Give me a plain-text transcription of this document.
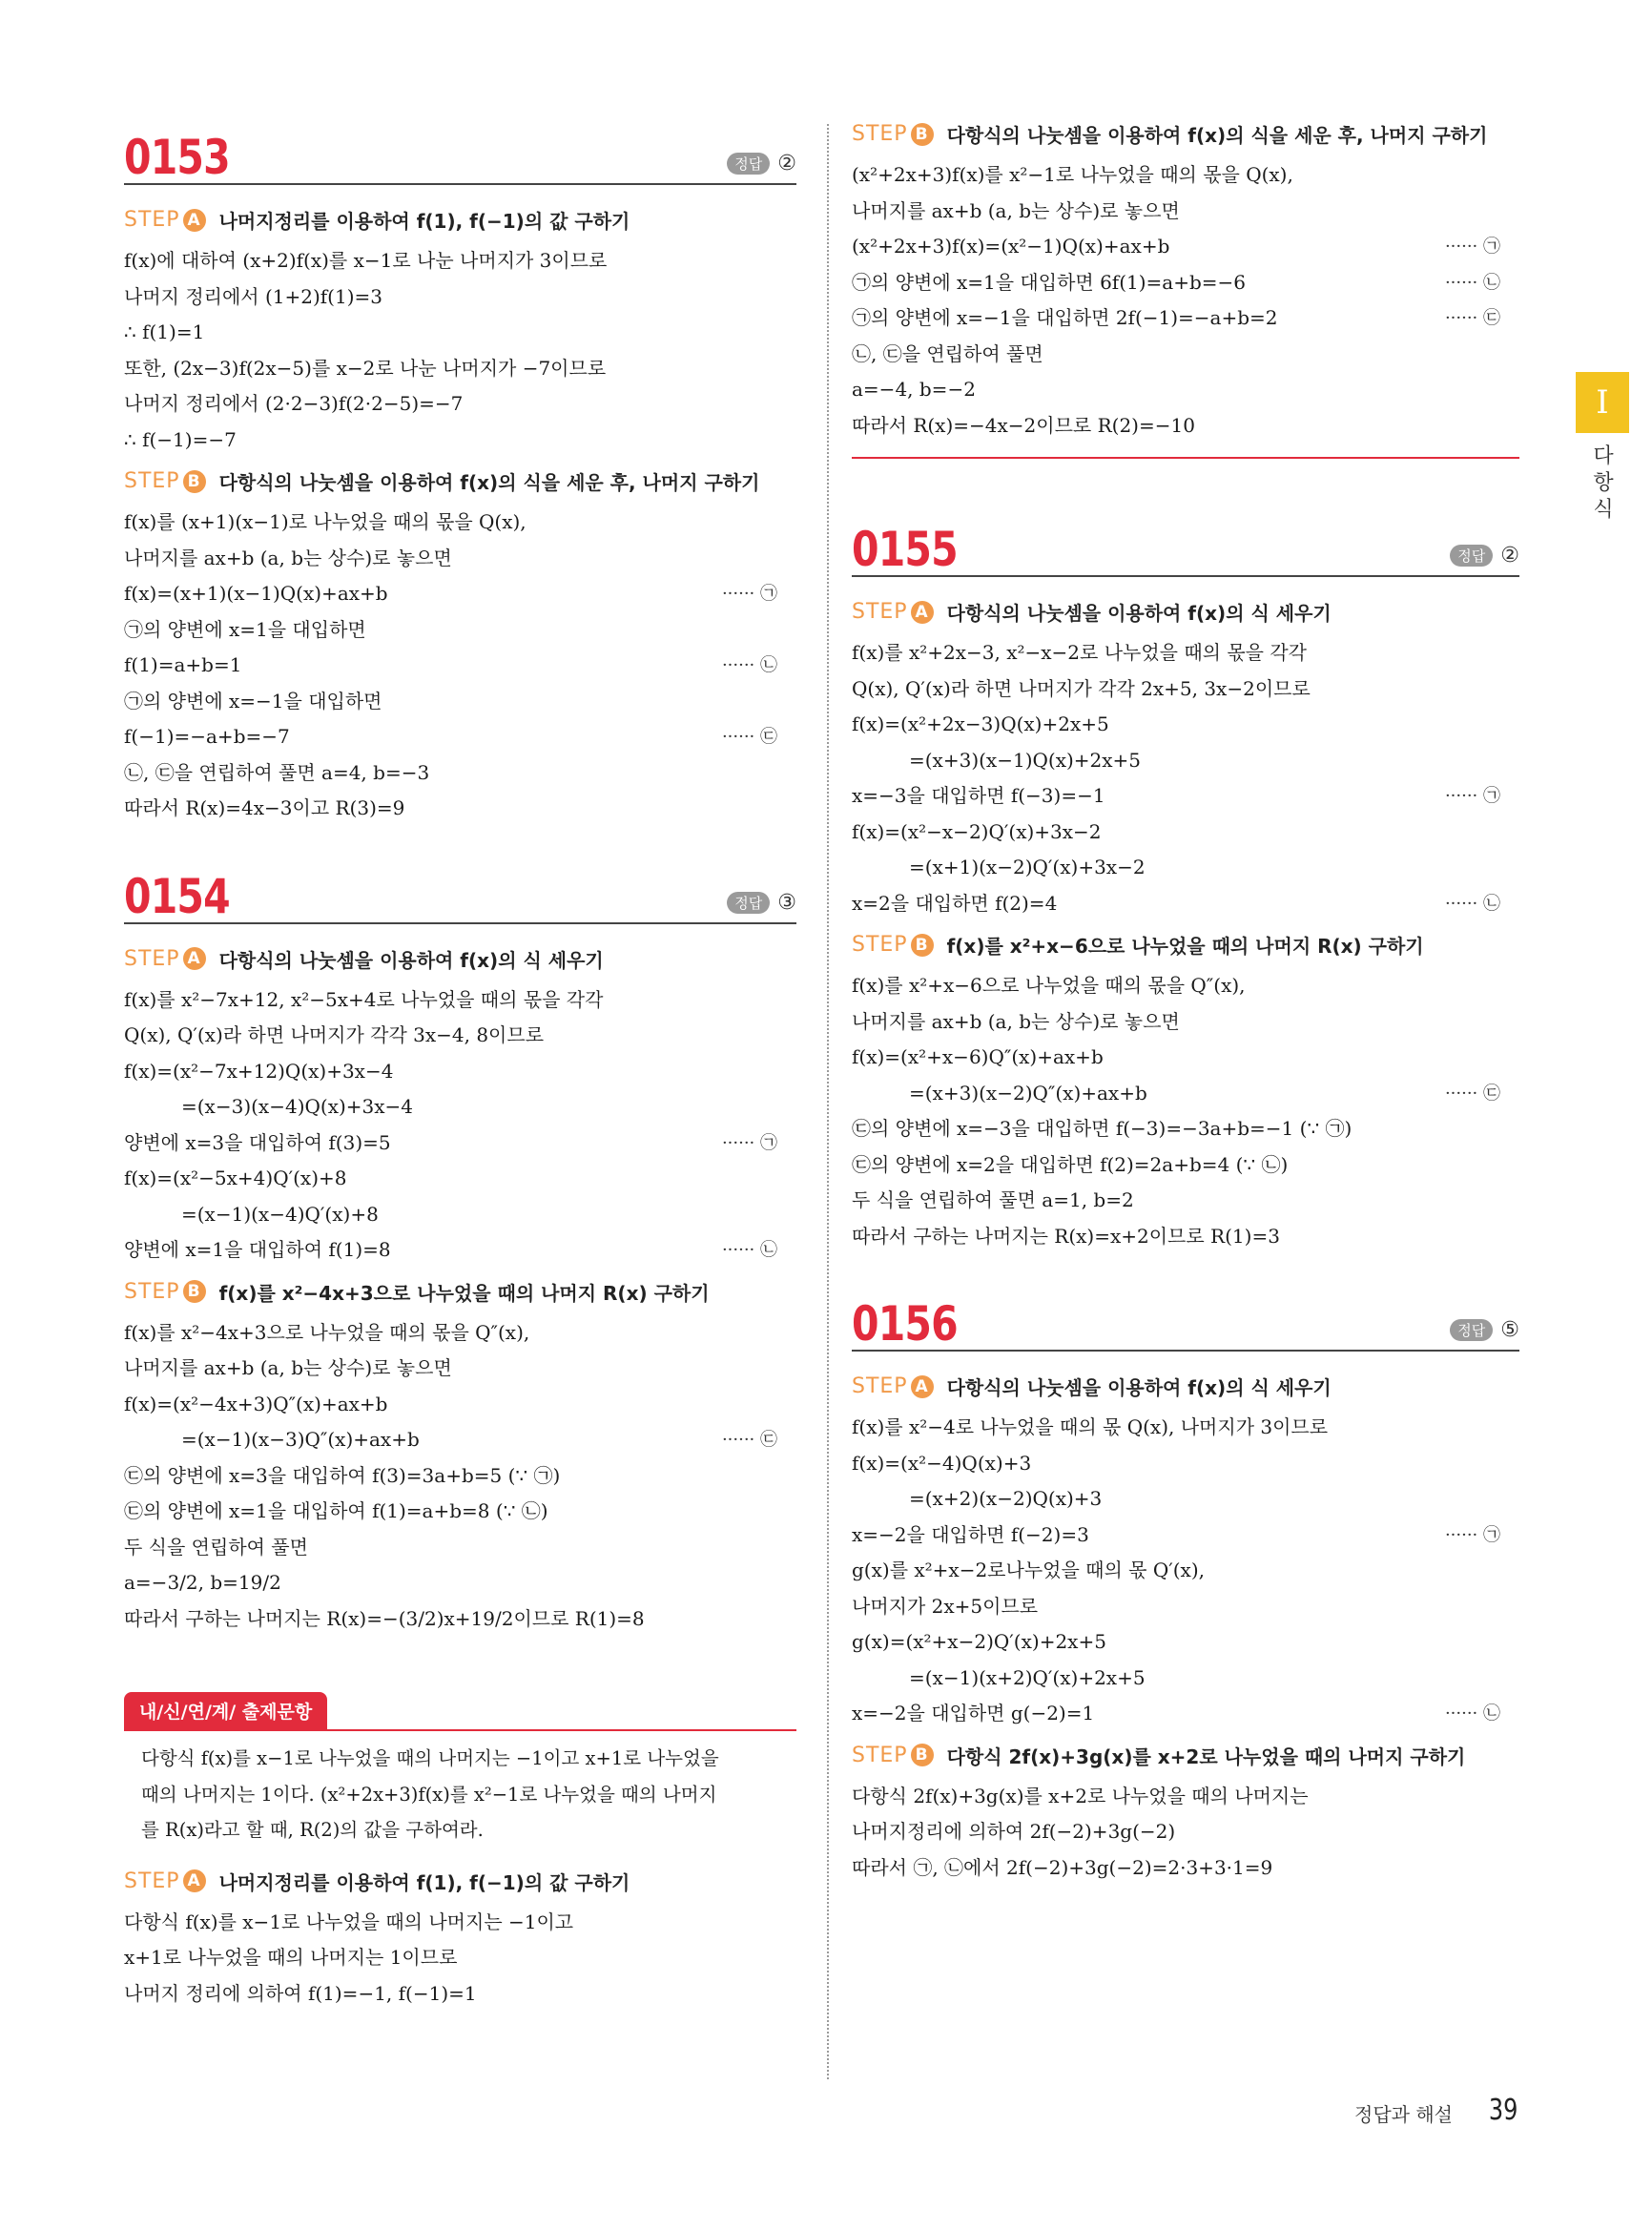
0153	정답 ②
STEP A 나머지정리를 이용하여 f(1), f(−1)의 값 구하기
f(x)에 대하여 (x+2)f(x)를 x−1로 나눈 나머지가 3이므로
나머지 정리에서 (1+2)f(1)=3
∴ f(1)=1
또한, (2x−3)f(2x−5)를 x−2로 나눈 나머지가 −7이므로
나머지 정리에서 (2·2−3)f(2·2−5)=−7
∴ f(−1)=−7
STEP B 다항식의 나눗셈을 이용하여 f(x)의 식을 세운 후, 나머지 구하기
f(x)를 (x+1)(x−1)로 나누었을 때의 몫을 Q(x),
나머지를 ax+b (a, b는 상수)로 놓으면
f(x)=(x+1)(x−1)Q(x)+ax+b	······ ㉠
㉠의 양변에 x=1을 대입하면
f(1)=a+b=1	······ ㉡
㉠의 양변에 x=−1을 대입하면
f(−1)=−a+b=−7	······ ㉢
㉡, ㉢을 연립하여 풀면 a=4, b=−3
따라서 R(x)=4x−3이고 R(3)=9
0154	정답 ③
STEP A 다항식의 나눗셈을 이용하여 f(x)의 식 세우기
f(x)를 x²−7x+12, x²−5x+4로 나누었을 때의 몫을 각각
Q(x), Q′(x)라 하면 나머지가 각각 3x−4, 8이므로
f(x)=(x²−7x+12)Q(x)+3x−4
=(x−3)(x−4)Q(x)+3x−4
양변에 x=3을 대입하여 f(3)=5	······ ㉠
f(x)=(x²−5x+4)Q′(x)+8
=(x−1)(x−4)Q′(x)+8
양변에 x=1을 대입하여 f(1)=8	······ ㉡
STEP B f(x)를 x²−4x+3으로 나누었을 때의 나머지 R(x) 구하기
f(x)를 x²−4x+3으로 나누었을 때의 몫을 Q″(x),
나머지를 ax+b (a, b는 상수)로 놓으면
f(x)=(x²−4x+3)Q″(x)+ax+b
=(x−1)(x−3)Q″(x)+ax+b	······ ㉢
㉢의 양변에 x=3을 대입하여 f(3)=3a+b=5 (∵ ㉠)
㉢의 양변에 x=1을 대입하여 f(1)=a+b=8 (∵ ㉡)
두 식을 연립하여 풀면
a=−3/2, b=19/2
따라서 구하는 나머지는 R(x)=−(3/2)x+19/2이므로 R(1)=8
내/신/연/계/ 출제문항
다항식 f(x)를 x−1로 나누었을 때의 나머지는 −1이고 x+1로 나누었을
때의 나머지는 1이다. (x²+2x+3)f(x)를 x²−1로 나누었을 때의 나머지
를 R(x)라고 할 때, R(2)의 값을 구하여라.
STEP A 나머지정리를 이용하여 f(1), f(−1)의 값 구하기
다항식 f(x)를 x−1로 나누었을 때의 나머지는 −1이고
x+1로 나누었을 때의 나머지는 1이므로
나머지 정리에 의하여 f(1)=−1, f(−1)=1
STEP B 다항식의 나눗셈을 이용하여 f(x)의 식을 세운 후, 나머지 구하기
(x²+2x+3)f(x)를 x²−1로 나누었을 때의 몫을 Q(x),
나머지를 ax+b (a, b는 상수)로 놓으면
(x²+2x+3)f(x)=(x²−1)Q(x)+ax+b	······ ㉠
㉠의 양변에 x=1을 대입하면 6f(1)=a+b=−6	······ ㉡
㉠의 양변에 x=−1을 대입하면 2f(−1)=−a+b=2	······ ㉢
㉡, ㉢을 연립하여 풀면
a=−4, b=−2
따라서 R(x)=−4x−2이므로 R(2)=−10
0155	정답 ②
STEP A 다항식의 나눗셈을 이용하여 f(x)의 식 세우기
f(x)를 x²+2x−3, x²−x−2로 나누었을 때의 몫을 각각
Q(x), Q′(x)라 하면 나머지가 각각 2x+5, 3x−2이므로
f(x)=(x²+2x−3)Q(x)+2x+5
=(x+3)(x−1)Q(x)+2x+5
x=−3을 대입하면 f(−3)=−1	······ ㉠
f(x)=(x²−x−2)Q′(x)+3x−2
=(x+1)(x−2)Q′(x)+3x−2
x=2을 대입하면 f(2)=4	······ ㉡
STEP B f(x)를 x²+x−6으로 나누었을 때의 나머지 R(x) 구하기
f(x)를 x²+x−6으로 나누었을 때의 몫을 Q″(x),
나머지를 ax+b (a, b는 상수)로 놓으면
f(x)=(x²+x−6)Q″(x)+ax+b
=(x+3)(x−2)Q″(x)+ax+b	······ ㉢
㉢의 양변에 x=−3을 대입하면 f(−3)=−3a+b=−1 (∵ ㉠)
㉢의 양변에 x=2을 대입하면 f(2)=2a+b=4 (∵ ㉡)
두 식을 연립하여 풀면 a=1, b=2
따라서 구하는 나머지는 R(x)=x+2이므로 R(1)=3
0156	정답 ⑤
STEP A 다항식의 나눗셈을 이용하여 f(x)의 식 세우기
f(x)를 x²−4로 나누었을 때의 몫 Q(x), 나머지가 3이므로
f(x)=(x²−4)Q(x)+3
=(x+2)(x−2)Q(x)+3
x=−2을 대입하면 f(−2)=3	······ ㉠
g(x)를 x²+x−2로나누었을 때의 몫 Q′(x),
나머지가 2x+5이므로
g(x)=(x²+x−2)Q′(x)+2x+5
=(x−1)(x+2)Q′(x)+2x+5
x=−2을 대입하면 g(−2)=1	······ ㉡
STEP B 다항식 2f(x)+3g(x)를 x+2로 나누었을 때의 나머지 구하기
다항식 2f(x)+3g(x)를 x+2로 나누었을 때의 나머지는
나머지정리에 의하여 2f(−2)+3g(−2)
따라서 ㉠, ㉡에서 2f(−2)+3g(−2)=2·3+3·1=9
I
다
항
식
정답과 해설 39
